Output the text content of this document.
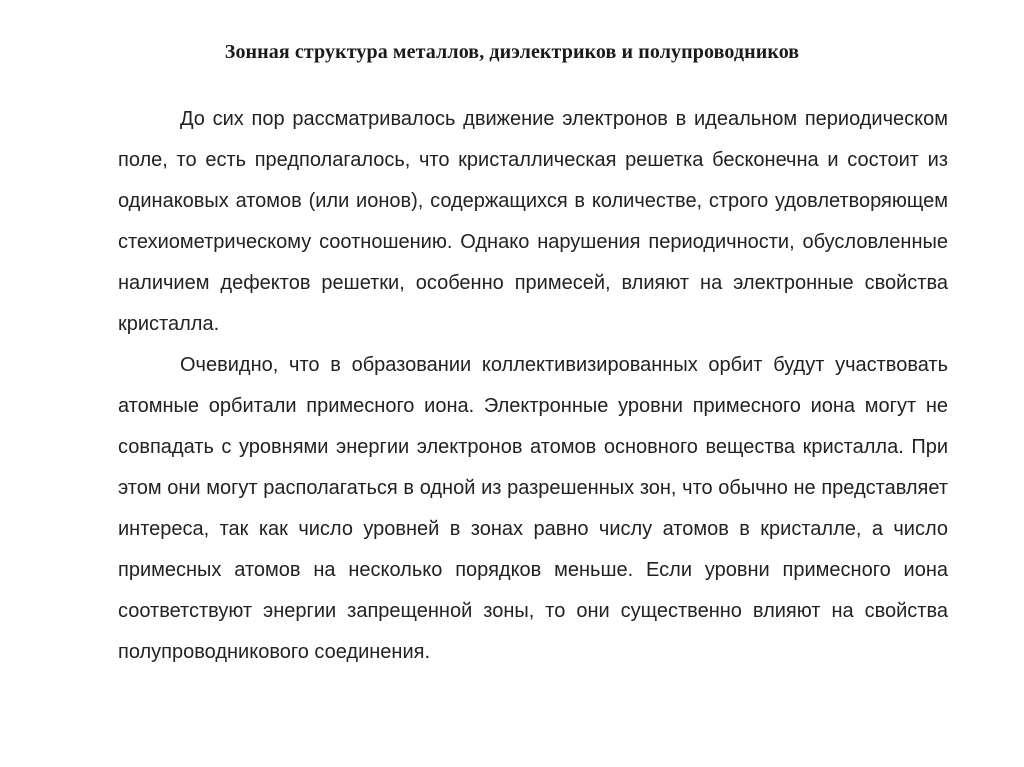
Зонная структура металлов, диэлектриков и полупроводников

До сих пор рассматривалось движение электронов в идеальном периодическом поле, то есть предполагалось, что кристаллическая решетка бесконечна и состоит из одинаковых атомов (или ионов), содержащихся в количестве, строго удовлетворяющем стехиометрическому соотношению. Однако нарушения периодичности, обусловленные наличием дефектов решетки, особенно примесей, влияют на электронные свойства кристалла.

Очевидно, что в образовании коллективизированных орбит будут участвовать атомные орбитали примесного иона. Электронные уровни примесного иона могут не совпадать с уровнями энергии электронов атомов основного вещества кристалла. При этом они могут располагаться в одной из разрешенных зон, что обычно не представляет интереса, так как число уровней в зонах равно числу атомов в кристалле, а число примесных атомов на несколько порядков меньше. Если уровни примесного иона соответствуют энергии запрещенной зоны, то они существенно влияют на свойства полупроводникового соединения.
